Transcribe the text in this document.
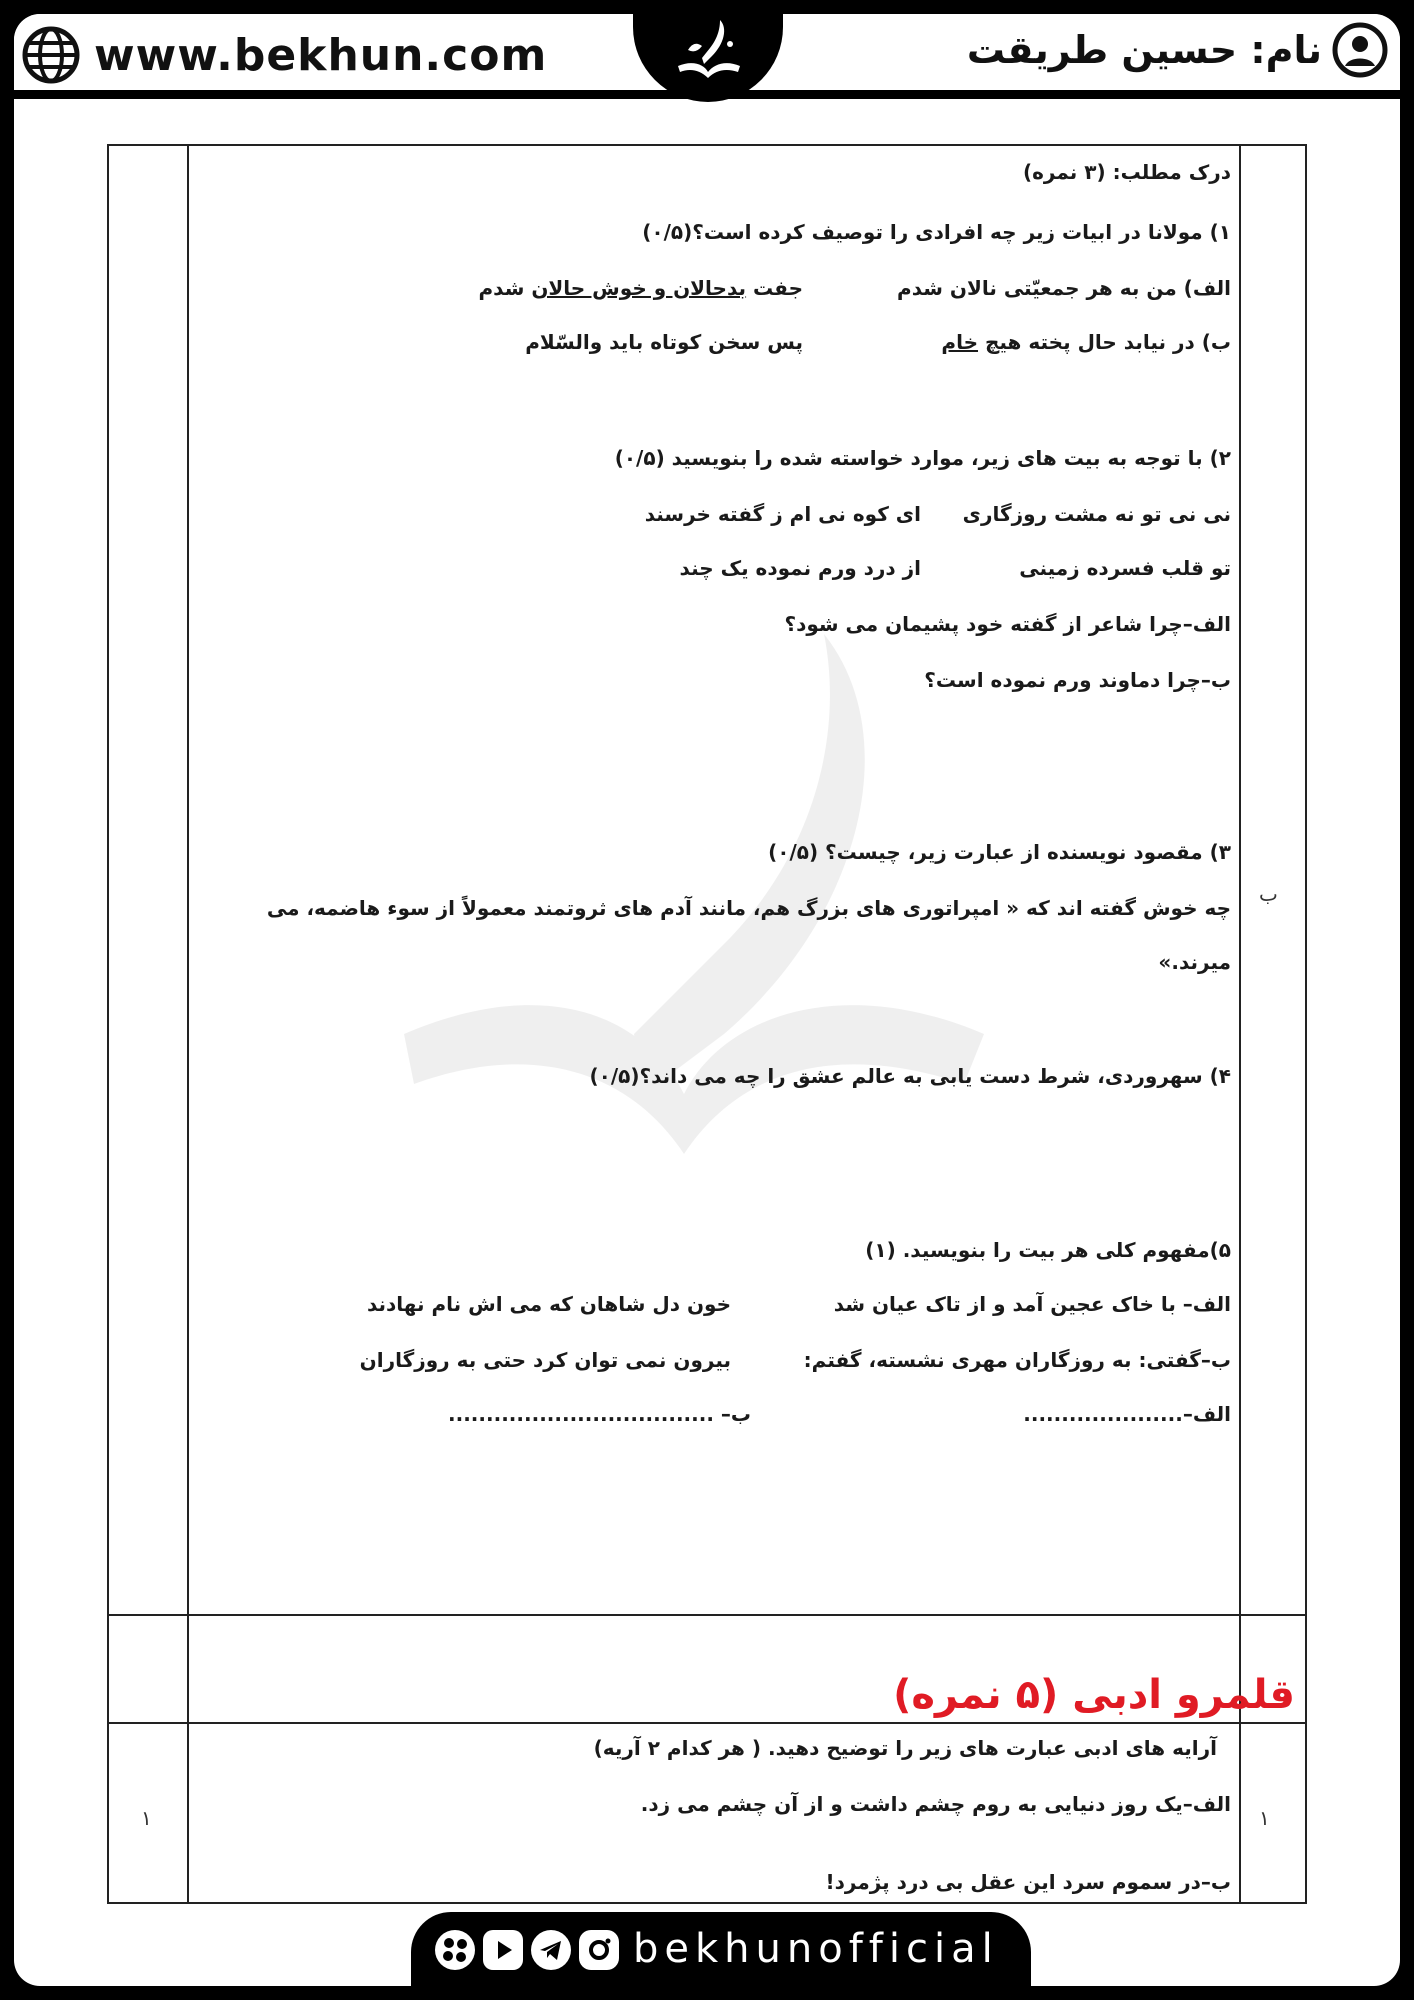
www.bekhun.com	نام: حسین طریقت
ب
درک مطلب: (۳ نمره)
۱) مولانا در ابیات زیر چه افرادی را توصیف کرده است؟(۰/۵)
الف) من به هر جمعیّتی نالان شدم
جفت بدحالان و خوش حالان شدم
ب) در نیابد حال پخته هیچ خام
پس سخن کوتاه باید والسّلام
۲) با توجه به بیت های زیر، موارد خواسته شده را بنویسید (۰/۵)
نی نی تو نه مشت روزگاری
ای کوه نی ام ز گفته خرسند
تو قلب فسرده زمینی
از درد ورم نموده یک چند
الف–چرا شاعر از گفته خود پشیمان می شود؟
ب–چرا دماوند ورم نموده است؟
۳) مقصود نویسنده از عبارت زیر، چیست؟ (۰/۵)
چه خوش گفته اند که « امپراتوری های بزرگ هم، مانند آدم های ثروتمند معمولاً از سوء هاضمه، می
میرند.»
۴) سهروردی، شرط دست یابی به عالم عشق را چه می داند؟(۰/۵)
۵)مفهوم کلی هر بیت را بنویسید. (۱)
الف– با خاک عجین آمد و از تاک عیان شد
خون دل شاهان که می اش نام نهادند
ب–گفتی: به روزگاران مهری نشسته، گفتم:
بیرون نمی توان کرد حتی به روزگاران
الف–.....................
ب– ...................................
قلمرو ادبی (۵ نمره)
۱
۱
آرایه های ادبی عبارت های زیر را توضیح دهید. ( هر کدام ۲ آریه)
الف–یک روز دنیایی به روم چشم داشت و از آن چشم می زد.
ب–در سموم سرد این عقل بی درد پژمرد!
bekhunofficial
